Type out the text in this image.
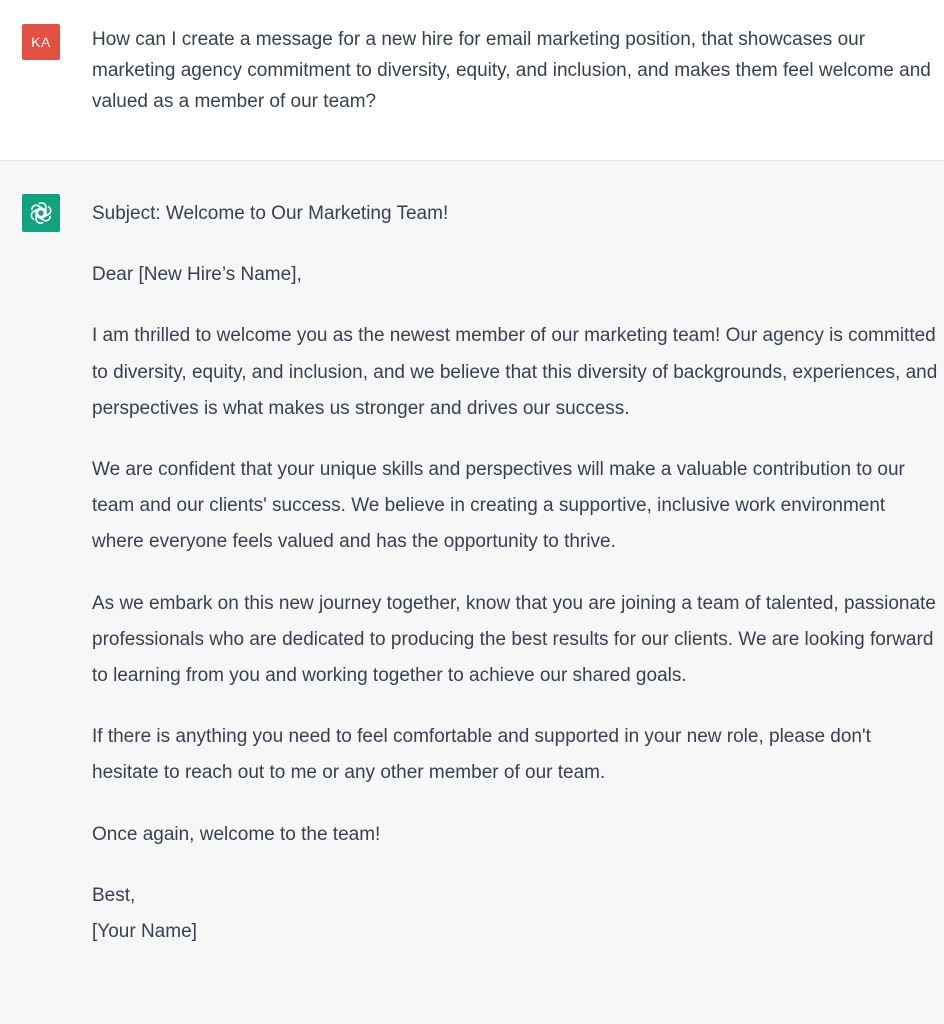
KA	How can I create a message for a new hire for email marketing position, that showcases our marketing agency commitment to diversity, equity, and inclusion, and makes them feel welcome and valued as a member of our team?

Subject: Welcome to Our Marketing Team!

Dear [New Hire’s Name],

I am thrilled to welcome you as the newest member of our marketing team! Our agency is committed to diversity, equity, and inclusion, and we believe that this diversity of backgrounds, experiences, and perspectives is what makes us stronger and drives our success.

We are confident that your unique skills and perspectives will make a valuable contribution to our team and our clients' success. We believe in creating a supportive, inclusive work environment where everyone feels valued and has the opportunity to thrive.

As we embark on this new journey together, know that you are joining a team of talented, passionate professionals who are dedicated to producing the best results for our clients. We are looking forward to learning from you and working together to achieve our shared goals.

If there is anything you need to feel comfortable and supported in your new role, please don't hesitate to reach out to me or any other member of our team.

Once again, welcome to the team!

Best,

[Your Name]
